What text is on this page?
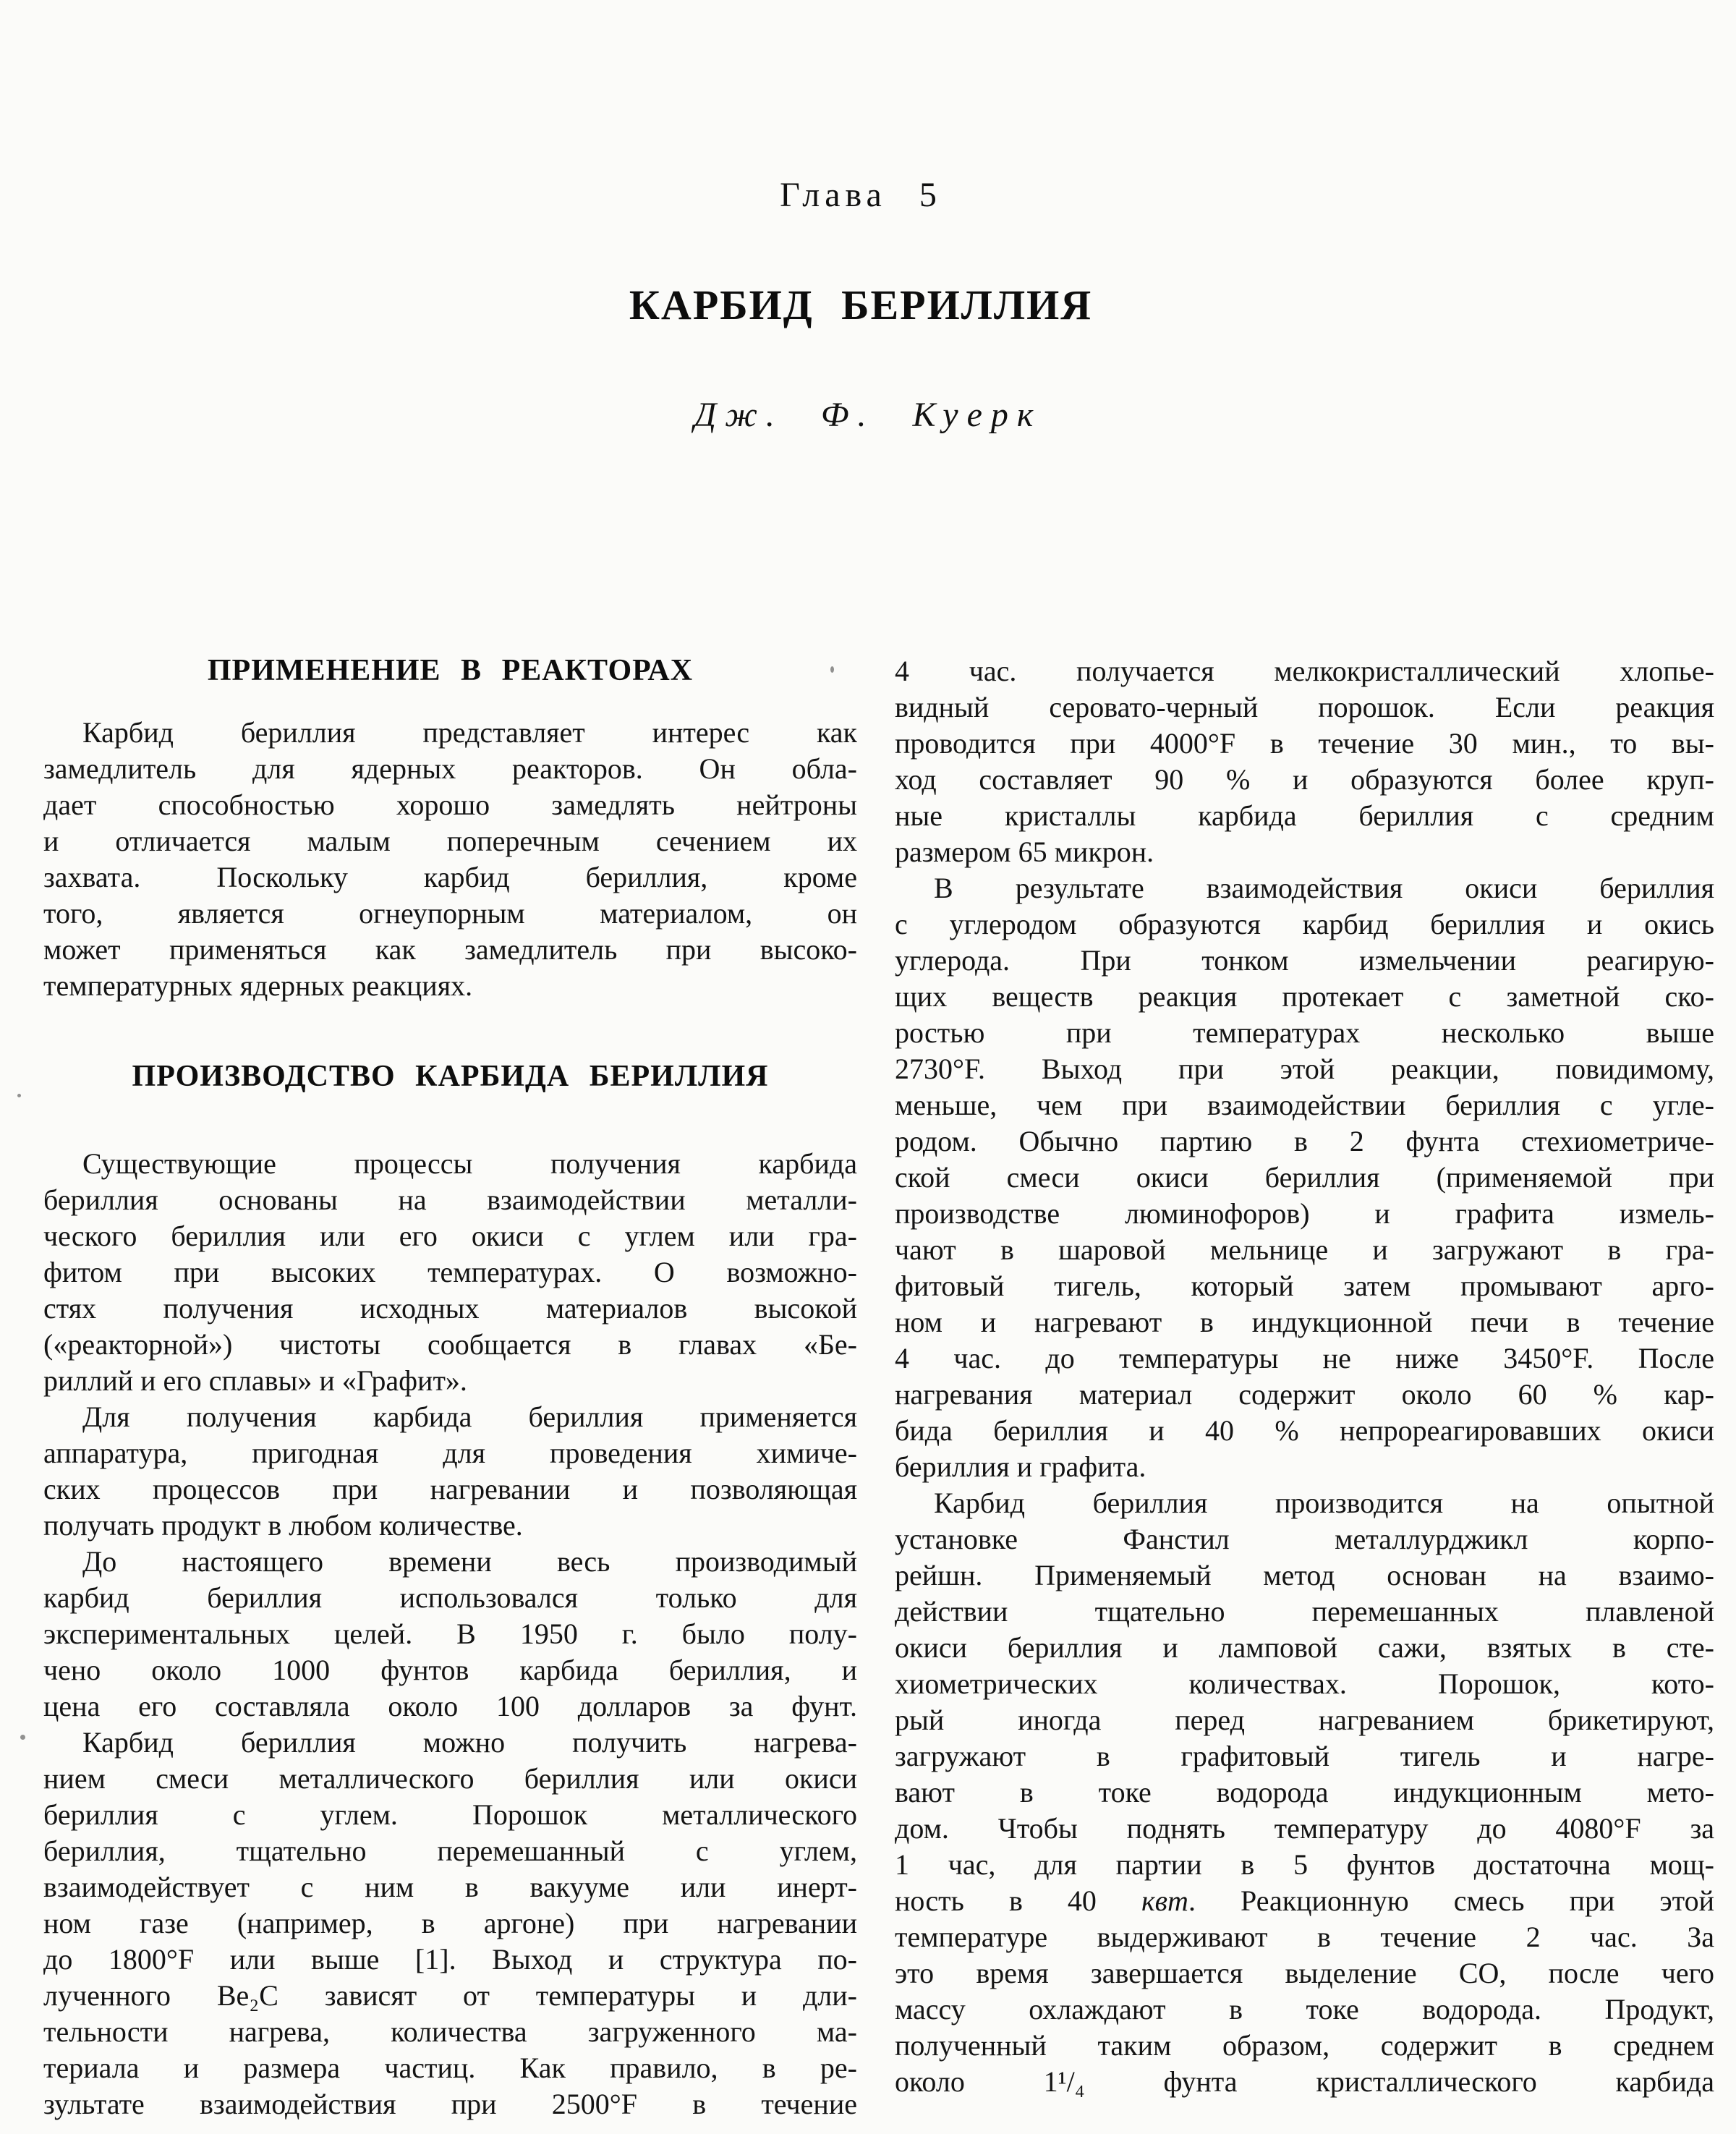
Глава 5
КАРБИД БЕРИЛЛИЯ
Дж. Ф. Куерк
ПРИМЕНЕНИЕ В РЕАКТОРАХ
Карбид бериллия представляет интерес как
замедлитель для ядерных реакторов. Он обла-
дает способностью хорошо замедлять нейтроны
и отличается малым поперечным сечением их
захвата. Поскольку карбид бериллия, кроме
того, является огнеупорным материалом, он
может применяться как замедлитель при высоко-
температурных ядерных реакциях.
ПРОИЗВОДСТВО КАРБИДА БЕРИЛЛИЯ
Существующие процессы получения карбида
бериллия основаны на взаимодействии металли-
ческого бериллия или его окиси с углем или гра-
фитом при высоких температурах. О возможно-
стях получения исходных материалов высокой
(«реакторной») чистоты сообщается в главах «Бе-
риллий и его сплавы» и «Графит».
Для получения карбида бериллия применяется
аппаратура, пригодная для проведения химиче-
ских процессов при нагревании и позволяющая
получать продукт в любом количестве.
До настоящего времени весь производимый
карбид бериллия использовался только для
экспериментальных целей. В 1950 г. было полу-
чено около 1000 фунтов карбида бериллия, и
цена его составляла около 100 долларов за фунт.
Карбид бериллия можно получить нагрева-
нием смеси металлического бериллия или окиси
бериллия с углем. Порошок металлического
бериллия, тщательно перемешанный с углем,
взаимодействует с ним в вакууме или инерт-
ном газе (например, в аргоне) при нагревании
до 1800°F или выше [1]. Выход и структура по-
лученного Be₂C зависят от температуры и дли-
тельности нагрева, количества загруженного ма-
териала и размера частиц. Как правило, в ре-
зультате взаимодействия при 2500°F в течение
4 час. получается мелкокристаллический хлопье-
видный серовато-черный порошок. Если реакция
проводится при 4000°F в течение 30 мин., то вы-
ход составляет 90 % и образуются более круп-
ные кристаллы карбида бериллия с средним
размером 65 микрон.
В результате взаимодействия окиси бериллия
с углеродом образуются карбид бериллия и окись
углерода. При тонком измельчении реагирую-
щих веществ реакция протекает с заметной ско-
ростью при температурах несколько выше
2730°F. Выход при этой реакции, повидимому,
меньше, чем при взаимодействии бериллия с угле-
родом. Обычно партию в 2 фунта стехиометриче-
ской смеси окиси бериллия (применяемой при
производстве люминофоров) и графита измель-
чают в шаровой мельнице и загружают в гра-
фитовый тигель, который затем промывают арго-
ном и нагревают в индукционной печи в течение
4 час. до температуры не ниже 3450°F. После
нагревания материал содержит около 60 % кар-
бида бериллия и 40 % непрореагировавших окиси
бериллия и графита.
Карбид бериллия производится на опытной
установке Фанстил металлурджикл корпо-
рейшн. Применяемый метод основан на взаимо-
действии тщательно перемешанных плавленой
окиси бериллия и ламповой сажи, взятых в сте-
хиометрических количествах. Порошок, кото-
рый иногда перед нагреванием брикетируют,
загружают в графитовый тигель и нагре-
вают в токе водорода индукционным мето-
дом. Чтобы поднять температуру до 4080°F за
1 час, для партии в 5 фунтов достаточна мощ-
ность в 40 квт. Реакционную смесь при этой
температуре выдерживают в течение 2 час. За
это время завершается выделение CO, после чего
массу охлаждают в токе водорода. Продукт,
полученный таким образом, содержит в среднем
около 1¹/₄ фунта кристаллического карбида
